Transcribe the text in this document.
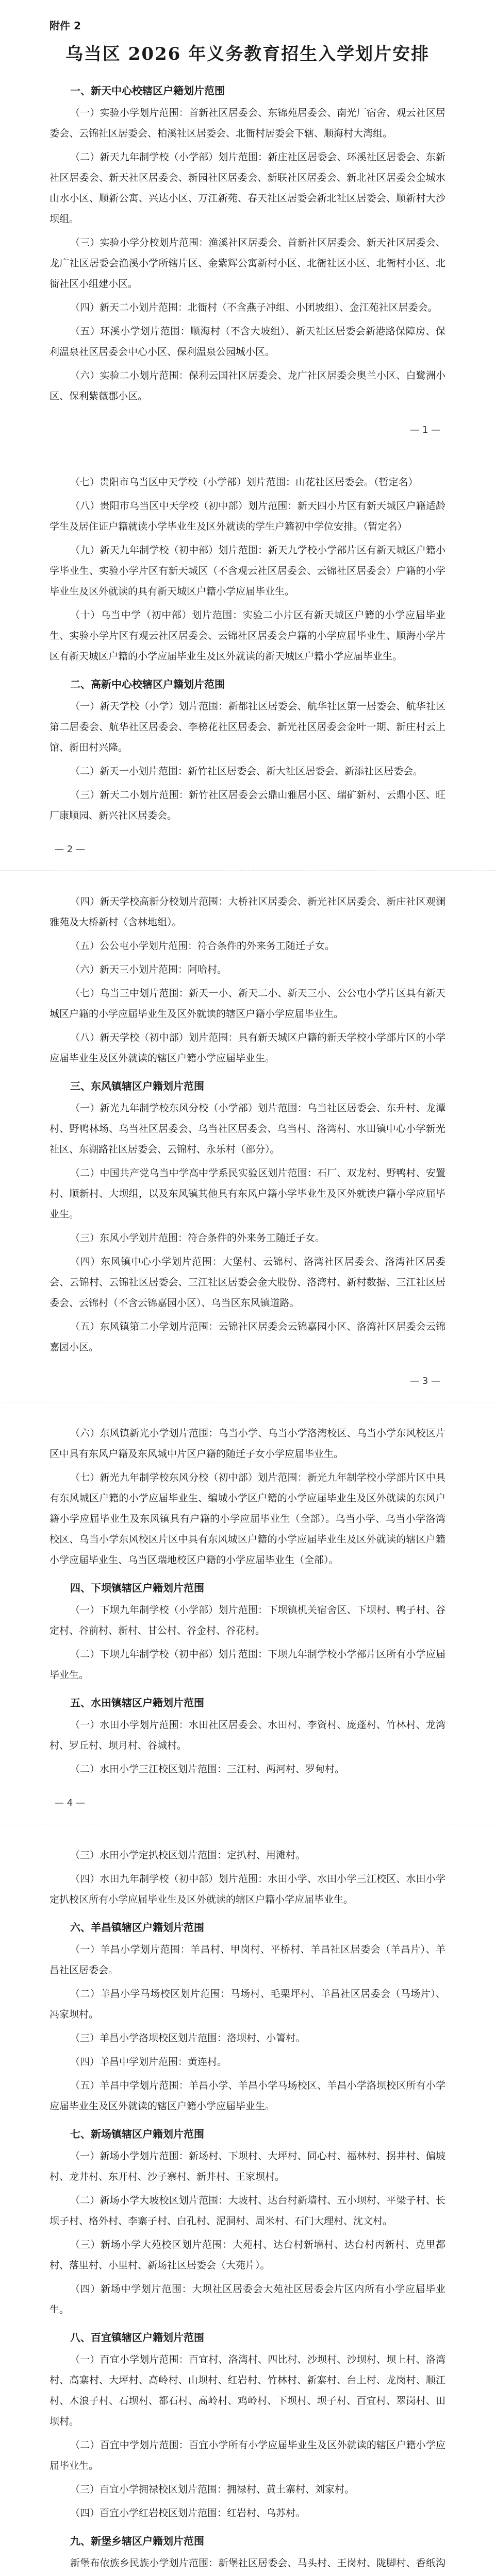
附件 2
乌当区 2026 年义务教育招生入学划片安排
一、新天中心校辖区户籍划片范围

（一）实验小学划片范围：首新社区居委会、东锦苑居委会、南光厂宿舍、观云社区居委会、云锦社区居委会、柏溪社区居委会、北衙村居委会下辖、顺海村大湾组。

（二）新天九年制学校（小学部）划片范围：新庄社区居委会、环溪社区居委会、东新社区居委会、新天社区居委会、新园社区居委会、新联社区居委会、新北社区居委会金城水山水小区、顺新公寓、兴达小区、万江新苑、春天社区居委会新北社区居委会、顺新村大沙坝组。

（三）实验小学分校划片范围：渔溪社区居委会、首新社区居委会、新天社区居委会、龙广社区居委会渔溪小学所辖片区、金紫辉公寓新村小区、北衙社区小区、北衙村小区、北衙社区小组建小区。

（四）新天二小划片范围：北衙村（不含燕子冲组、小团坡组）、金江苑社区居委会。

（五）环溪小学划片范围：顺海村（不含大坡组）、新天社区居委会新港路保障房、保利温泉社区居委会中心小区、保利温泉公园城小区。

（六）实验二小划片范围：保利云国社区居委会、龙广社区居委会奥兰小区、白鹭洲小区、保利紫薇郡小区。

— 1 —

（七）贵阳市乌当区中天学校（小学部）划片范围：山花社区居委会。（暂定名）

（八）贵阳市乌当区中天学校（初中部）划片范围：新天四小片区有新天城区户籍适龄学生及居住证户籍就读小学毕业生及区外就读的学生户籍初中学位安排。（暂定名）

（九）新天九年制学校（初中部）划片范围：新天九学校小学部片区有新天城区户籍小学毕业生、实验小学片区有新天城区（不含观云社区居委会、云锦社区居委会）户籍的小学毕业生及区外就读的具有新天城区户籍小学应届毕业生。

（十）乌当中学（初中部）划片范围：实验二小片区有新天城区户籍的小学应届毕业生、实验小学片区有观云社区居委会、云锦社区居委会户籍的小学应届毕业生、顺海小学片区有新天城区户籍的小学应届毕业生及区外就读的新天城区户籍小学应届毕业生。

二、高新中心校辖区户籍划片范围

（一）新天学校（小学）划片范围：新都社区居委会、航华社区第一居委会、航华社区第二居委会、航华社区居委会、李榜花社区居委会、新光社区居委会金叶一期、新庄村云上馆、新田村兴隆。

（二）新天一小划片范围：新竹社区居委会、新大社区居委会、新添社区居委会。

（三）新天二小划片范围：新竹社区居委会云鼎山雅居小区、瑞矿新村、云鼎小区、旺厂康顺园、新兴社区居委会。

— 2 —

（四）新天学校高新分校划片范围：大桥社区居委会、新光社区居委会、新庄社区观澜雅苑及大桥新村（含林地组）。

（五）公公屯小学划片范围：符合条件的外来务工随迁子女。

（六）新天三小划片范围：阿哈村。

（七）乌当三中划片范围：新天一小、新天二小、新天三小、公公屯小学片区具有新天城区户籍的小学应届毕业生及区外就读的辖区户籍小学应届毕业生。

（八）新天学校（初中部）划片范围：具有新天城区户籍的新天学校小学部片区的小学应届毕业生及区外就读的辖区户籍小学应届毕业生。

三、东风镇辖区户籍划片范围

（一）新光九年制学校东风分校（小学部）划片范围：乌当社区居委会、东升村、龙潭村、野鸭林场、乌当社区居委会、乌当社区居委会、乌当村、洛湾村、水田镇中心小学新光社区、东湖路社区居委会、云锦村、永乐村（部分）。

（二）中国共产党乌当中学高中学系民实验区划片范围：石厂、双龙村、野鸭村、安置村、顺新村、大坝组，以及东风镇其他具有东风户籍小学毕业生及区外就读户籍小学应届毕业生。

（三）东风小学划片范围：符合条件的外来务工随迁子女。

（四）东风镇中心小学划片范围：大堡村、云锦村、洛湾社区居委会、洛湾社区居委会、云锦村、云锦社区居委会、三江社区居委会金大股份、洛湾村、新村数据、三江社区居委会、云锦村（不含云锦嘉园小区）、乌当区东风镇道路。

（五）东风镇第二小学划片范围：云锦社区居委会云锦嘉园小区、洛湾社区居委会云锦嘉园小区。

— 3 —

（六）东风镇新光小学划片范围：乌当小学、乌当小学洛湾校区、乌当小学东风校区片区中具有东风户籍及东风城中片区户籍的随迁子女小学应届毕业生。

（七）新光九年制学校东风分校（初中部）划片范围：新光九年制学校小学部片区中具有东风城区户籍的小学应届毕业生、编城小学区户籍的小学应届毕业生及区外就读的东风户籍小学应届毕业生及东风镇具有户籍的小学应届毕业生（全部）。乌当小学、乌当小学洛湾校区、乌当小学东风校区片区中具有东风城区户籍的小学应届毕业生及区外就读的辖区户籍小学应届毕业生、乌当区瑞地校区户籍的小学应届毕业生（全部）。

四、下坝镇辖区户籍划片范围

（一）下坝九年制学校（小学部）划片范围：下坝镇机关宿舍区、下坝村、鸭子村、谷定村、谷前村、新村、甘公村、谷金村、谷花村。

（二）下坝九年制学校（初中部）划片范围：下坝九年制学校小学部片区所有小学应届毕业生。

五、水田镇辖区户籍划片范围

（一）水田小学划片范围：水田社区居委会、水田村、李资村、庞蓬村、竹林村、龙湾村、罗丘村、坝月村、谷城村。

（二）水田小学三江校区划片范围：三江村、两河村、罗甸村。

— 4 —

（三）水田小学定扒校区划片范围：定扒村、用滩村。

（四）水田九年制学校（初中部）划片范围：水田小学、水田小学三江校区、水田小学定扒校区所有小学应届毕业生及区外就读的辖区户籍小学应届毕业生。

六、羊昌镇辖区户籍划片范围

（一）羊昌小学划片范围：羊昌村、甲岗村、平桥村、羊昌社区居委会（羊昌片）、羊昌社区居委会。

（二）羊昌小学马场校区划片范围：马场村、毛栗坪村、羊昌社区居委会（马场片）、冯家坝村。

（三）羊昌小学洛坝校区划片范围：洛坝村、小箐村。

（四）羊昌中学划片范围：黄连村。

（五）羊昌中学划片范围：羊昌小学、羊昌小学马场校区、羊昌小学洛坝校区所有小学应届毕业生及区外就读的辖区户籍小学应届毕业生。

七、新场镇辖区户籍划片范围

（一）新场小学划片范围：新场村、下坝村、大坪村、同心村、福林村、拐井村、偏坡村、龙井村、东开村、沙子寨村、新井村、王家坝村。

（二）新场小学大坡校区划片范围：大坡村、达台村新墙村、五小坝村、平梁子村、长坝子村、格外村、李寨子村、白孔村、泥洞村、周米村、石门大理村、沈文村。

（三）新场小学大苑校区划片范围：大苑村、达台村新墙村、达台村丙新村、克里都村、落里村、小里村、新场社区居委会（大苑片）。

（四）新场中学划片范围：大坝社区居委会大苑社区居委会片区内所有小学应届毕业生。

八、百宜镇辖区户籍划片范围

（一）百宜小学划片范围：百宜村、洛湾村、四比村、沙坝村、沙坝村、坝上村、洛湾村、高寨村、大坪村、高岭村、山坝村、红岩村、竹林村、新寨村、台上村、龙岗村、顺江村、木浪子村、石坝村、都石村、高岭村、鸡岭村、下坝村、坝子村、百宜村、翠岗村、田坝村。

（二）百宜中学划片范围：百宜小学所有小学应届毕业生及区外就读的辖区户籍小学应届毕业生。

（三）百宜小学拥禄校区划片范围：拥禄村、黄土寨村、刘家村。

（四）百宜小学红岩校区划片范围：红岩村、乌苏村。

九、新堡乡辖区户籍划片范围

新堡布依族乡民族小学划片范围：新堡社区居委会、马头村、王岗村、陇脚村、香纸沟
